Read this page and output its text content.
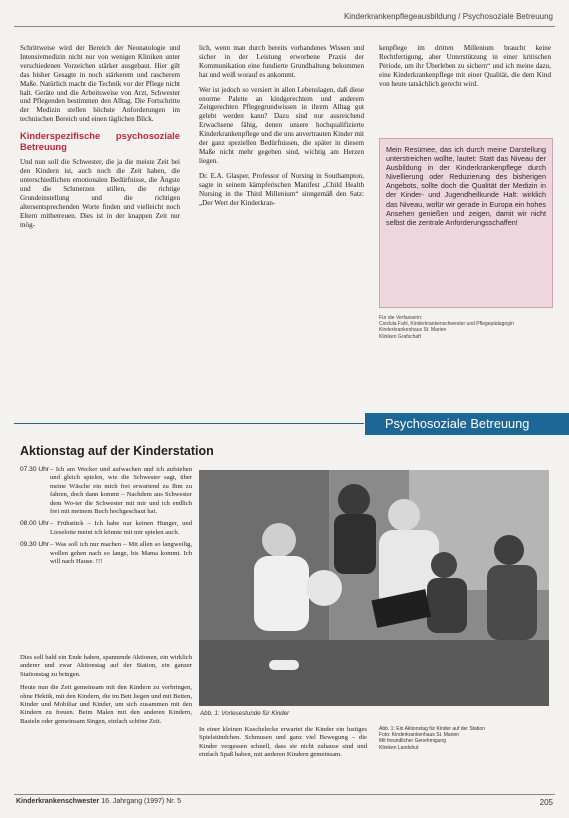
Kinderkrankenpflegeausbildung / Psychosoziale Betreuung

Schrittweise wird der Bereich der Neonatologie und Intensivmedizin nicht nur von wenigen Kliniken unter verschiedenen Vorzeichen stärker ausgebaut. Hier gilt das bisher Gesagte in noch stärkerem und rascherem Maße. Natürlich macht die Technik vor der Pflege nicht halt. Geräte und die Arbeitsweise von Arzt, Schwester und Pflegenden bestimmen den Alltag. Die Fortschritte der Medizin stellen höchste Anforderungen im technischen Bereich und einen täglichen Blick.

Kinderspezifische psychosoziale Betreuung

Und nun soll die Schwester, die ja die meiste Zeit bei den Kindern ist, auch noch die Zeit haben, die unterschiedlichen emotionalen Bedürfnisse, die Ängste und die Schmerzen stillen, die richtige Grundeinstellung und die richtigen altersentsprechenden Worte finden und vielleicht noch Eltern mitbetreuen. Dies ist in der knappen Zeit nur mög-

lich, wenn man durch bereits vorhandenes Wissen und sicher in der Leistung erworbene Praxis der Kommunikation eine fundierte Grundhaltung bekommen hat und weiß worauf es ankommt.

Wer ist jedoch so versiert in allen Lebenslagen, daß diese enorme Palette an kindgerechtem und anderem Zeitgerechten Pflegegrundwissen in ihrem Alltag gut gelebt werden kann? Dazu sind nur ausreichend Erwachsene fähig, denen unsere hochqualifizierte Kinderkrankenpflege und die uns anvertrauten Kinder mit der ganz speziellen Bedürfnissen, die später in diesem Maße nicht mehr gegeben sind, wichtig am Herzen liegen.

Dr. E.A. Glasper, Professor of Nursing in Southampton, sagte in seinem kämpferischen Manifest „Child Health Nursing in the Third Millenium“ sinngemäß den Satz: „Der Wert der Kinderkran-

kenpflege im dritten Millenium braucht keine Rechtfertigung, aber Unterstützung in einer kritischen Periode, um ihr Überleben zu sichern“ und ich meine dazu, eine Kinderkrankenpflege mit einer Qualität, die dem Kind von heute tatsächlich gerecht wird.

Mein Resümee, das ich durch meine Darstellung unterstreichen wollte, lautet: Statt das Niveau der Ausbildung in der Kinderkrankenpflege durch Nivellierung oder Reduzierung des bisherigen Angebots, sollte doch die Qualität der Medizin in der Kinder- und Jugendheilkunde Halt: wirklich das Niveau, wofür wir gerade in Europa ein hohes Ansehen genießen und zeigen, damit wir nicht selbst die zentrale Anforderungsschaffen!
Für die Verfasserin:
Cordula Fahl, Kinderkrankenschwester und Pflegepädagogin
Kinderkrankenhaus St. Marien
Kliniken Grafschaft
Psychosoziale Betreuung
Aktionstag auf der Kinderstation
07.30 Uhr – Ich am Wecker und aufwachen und ich aufstehen und gleich spielen, wie die Schwester sagt, über meine Wäsche ein mich frei erwartend zu Ihm zu fahren, doch dann kommt – Nachdem aus Schwester dem Wo-ter die Schwester mit mir und ich endlich frei mit meinem Buch hochgeschaut hat.
08.00 Uhr – Frühstück – Ich habe nur keinen Hunger, und Lieselotte meint ich könnte mit mir spielen auch.
09.30 Uhr – Was soll ich nur machen – Mit allen so langweilig, wollen gehen nach so lange, bis Mama kommt. Ich will nach Hause. !!!

Dies soll bald ein Ende haben, spannende Aktionen, ein wirklich anderer und zwar Aktionstag auf der Station, ein ganzer Stationstag zu bringen.

Heute nun die Zeit gemeinsam mit den Kindern zu verbringen, ohne Hektik, mit den Kindern, die im Bett liegen und mit Betten, Kinder und Mobiliar und Kinder, um sich zusammen mit den Kindern zu freuen. Beim Malen mit den anderen Kindern, Basteln oder gemeinsam Singen, einfach schöne Zeit.

Abb. 1: Vorlesestunde für Kinder
In einer kleinen Kuschelecke erwartet die Kinder ein lustiges Spielstündchen. Schmusen und ganz viel Bewegung – die Kinder vergessen schnell, dass sie nicht zuhause sind und einfach Spaß haben, mit anderen Kindern gemeinsam.
Abb. 1: Ein Aktionstag für Kinder auf der Station
Foto: Kinderkrankenhaus St. Marien
Mit freundlicher Genehmigung
Kliniken Landshut
Kinderkrankenschwester 16. Jahrgang (1997) Nr. 5	205
